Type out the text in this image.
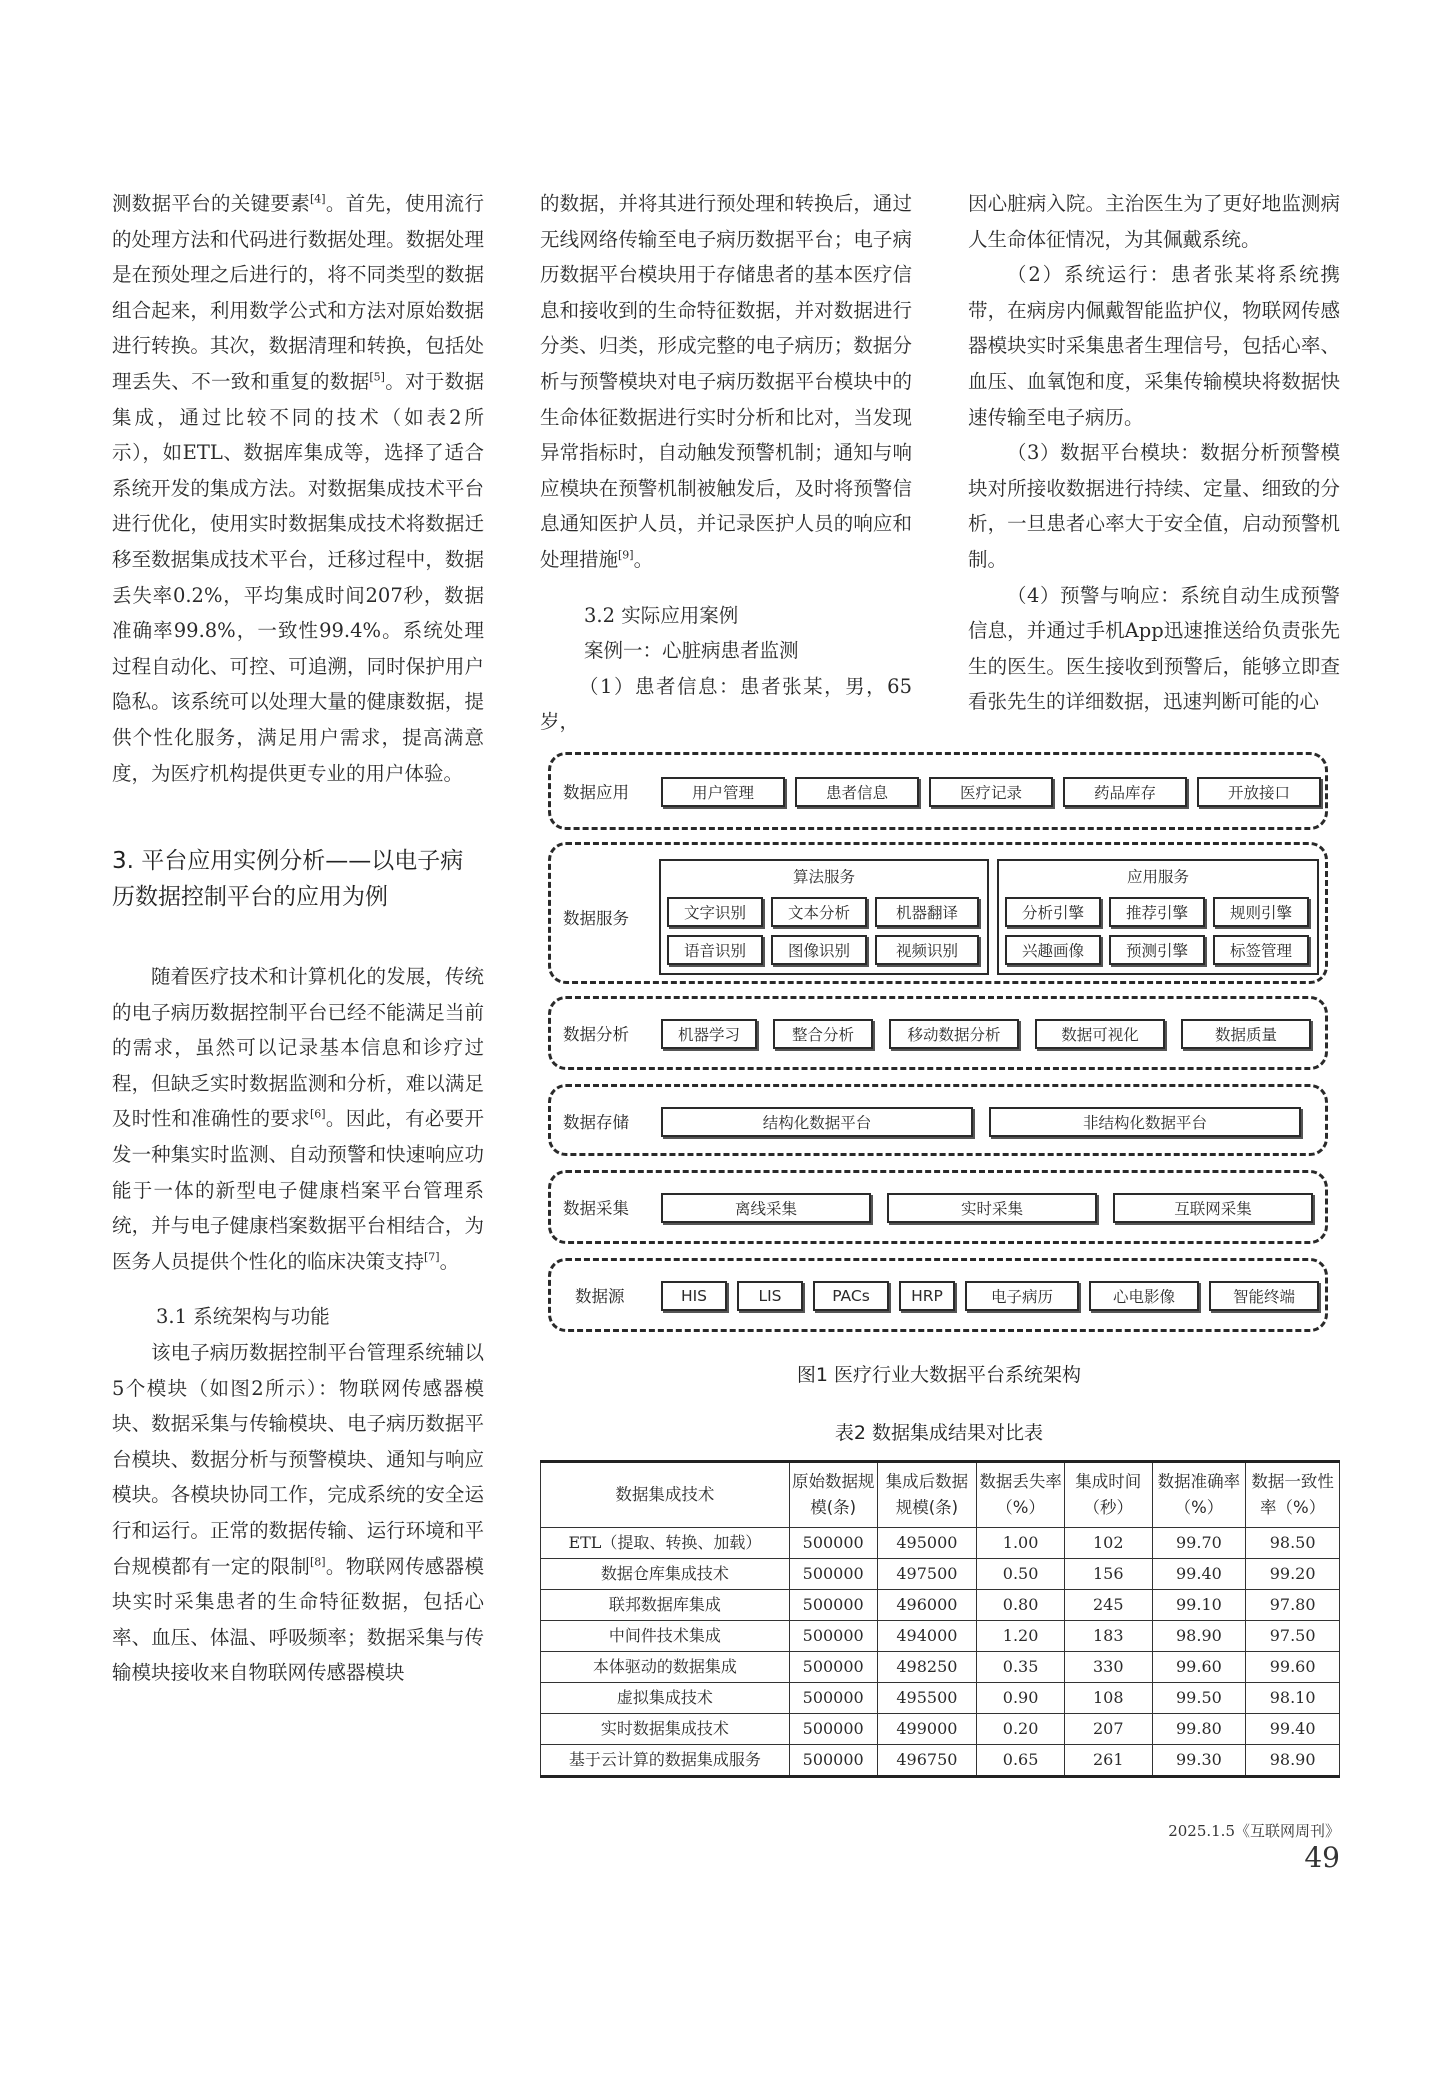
测数据平台的关键要素[4]。首先，使用流行的处理方法和代码进行数据处理。数据处理是在预处理之后进行的，将不同类型的数据组合起来，利用数学公式和方法对原始数据进行转换。其次，数据清理和转换，包括处理丢失、不一致和重复的数据[5]。对于数据集成，通过比较不同的技术（如表2所示），如ETL、数据库集成等，选择了适合系统开发的集成方法。对数据集成技术平台进行优化，使用实时数据集成技术将数据迁移至数据集成技术平台，迁移过程中，数据丢失率0.2%，平均集成时间207秒，数据准确率99.8%，一致性99.4%。系统处理过程自动化、可控、可追溯，同时保护用户隐私。该系统可以处理大量的健康数据，提供个性化服务，满足用户需求，提高满意度，为医疗机构提供更专业的用户体验。

3. 平台应用实例分析——以电子病历数据控制平台的应用为例

随着医疗技术和计算机化的发展，传统的电子病历数据控制平台已经不能满足当前的需求，虽然可以记录基本信息和诊疗过程，但缺乏实时数据监测和分析，难以满足及时性和准确性的要求[6]。因此，有必要开发一种集实时监测、自动预警和快速响应功能于一体的新型电子健康档案平台管理系统，并与电子健康档案数据平台相结合，为医务人员提供个性化的临床决策支持[7]。

3.1 系统架构与功能

该电子病历数据控制平台管理系统辅以5个模块（如图2所示）：物联网传感器模块、数据采集与传输模块、电子病历数据平台模块、数据分析与预警模块、通知与响应模块。各模块协同工作，完成系统的安全运行和运行。正常的数据传输、运行环境和平台规模都有一定的限制[8]。物联网传感器模块实时采集患者的生命特征数据，包括心率、血压、体温、呼吸频率；数据采集与传输模块接收来自物联网传感器模块

的数据，并将其进行预处理和转换后，通过无线网络传输至电子病历数据平台；电子病历数据平台模块用于存储患者的基本医疗信息和接收到的生命特征数据，并对数据进行分类、归类，形成完整的电子病历；数据分析与预警模块对电子病历数据平台模块中的生命体征数据进行实时分析和比对，当发现异常指标时，自动触发预警机制；通知与响应模块在预警机制被触发后，及时将预警信息通知医护人员，并记录医护人员的响应和处理措施[9]。

3.2 实际应用案例

案例一：心脏病患者监测

（1）患者信息：患者张某，男，65岁，

因心脏病入院。主治医生为了更好地监测病人生命体征情况，为其佩戴系统。

（2）系统运行：患者张某将系统携带，在病房内佩戴智能监护仪，物联网传感器模块实时采集患者生理信号，包括心率、血压、血氧饱和度，采集传输模块将数据快速传输至电子病历。

（3）数据平台模块：数据分析预警模块对所接收数据进行持续、定量、细致的分析，一旦患者心率大于安全值，启动预警机制。

（4）预警与响应：系统自动生成预警信息，并通过手机App迅速推送给负责张先生的医生。医生接收到预警后，能够立即查看张先生的详细数据，迅速判断可能的心

数据应用	用户管理	患者信息	医疗记录	药品库存	开放接口
数据服务
算法服务
文字识别	文本分析	机器翻译
语音识别	图像识别	视频识别
应用服务
分析引擎	推荐引擎	规则引擎
兴趣画像	预测引擎	标签管理
数据分析	机器学习	整合分析	移动数据分析	数据可视化	数据质量
数据存储	结构化数据平台	非结构化数据平台
数据采集	离线采集	实时采集	互联网采集
数据源	HIS	LIS	PACs	HRP	电子病历	心电影像	智能终端
图1 医疗行业大数据平台系统架构
表2 数据集成结果对比表
数据集成技术	原始数据规模(条)	集成后数据规模(条)	数据丢失率（%）	集成时间（秒）	数据准确率（%）	数据一致性率（%）
ETL（提取、转换、加载）	500000	495000	1.00	102	99.70	98.50
数据仓库集成技术	500000	497500	0.50	156	99.40	99.20
联邦数据库集成	500000	496000	0.80	245	99.10	97.80
中间件技术集成	500000	494000	1.20	183	98.90	97.50
本体驱动的数据集成	500000	498250	0.35	330	99.60	99.60
虚拟集成技术	500000	495500	0.90	108	99.50	98.10
实时数据集成技术	500000	499000	0.20	207	99.80	99.40
基于云计算的数据集成服务	500000	496750	0.65	261	99.30	98.90
2025.1.5《互联网周刊》49
